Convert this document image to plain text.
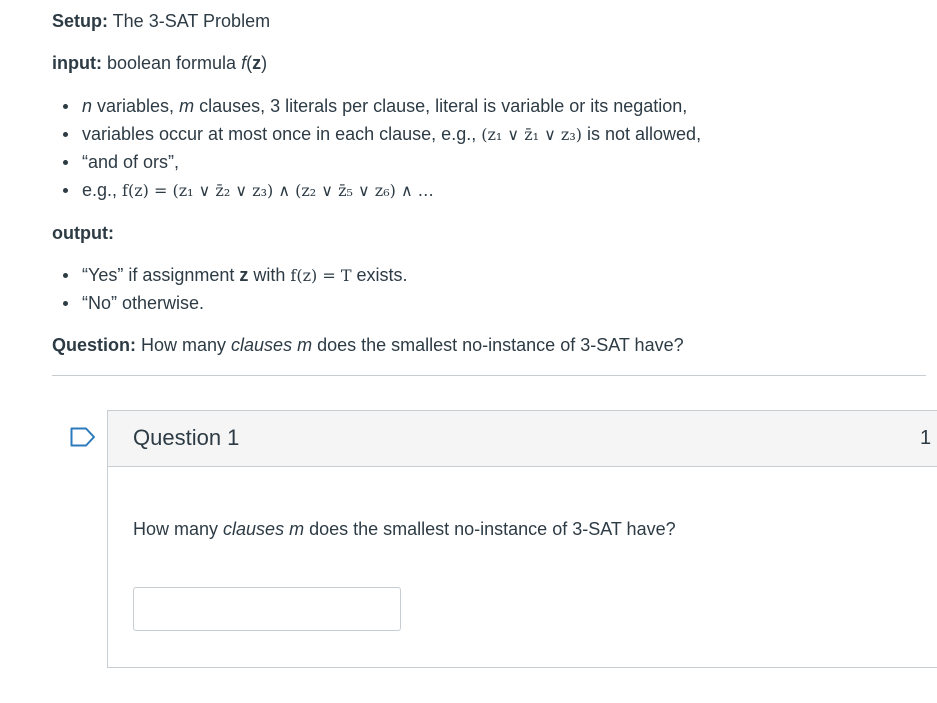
Setup: The 3-SAT Problem

input: boolean formula f(z)

n variables, m clauses, 3 literals per clause, literal is variable or its negation,
variables occur at most once in each clause, e.g., (z₁ ∨ z̄₁ ∨ z₃) is not allowed,
“and of ors”,
e.g., f(z) = (z₁ ∨ z̄₂ ∨ z₃) ∧ (z₂ ∨ z̄₅ ∨ z₆) ∧ …

output:

“Yes” if assignment z with f(z) = T exists.
“No” otherwise.

Question: How many clauses m does the smallest no-instance of 3-SAT have?

Question 1	1
How many clauses m does the smallest no-instance of 3-SAT have?
